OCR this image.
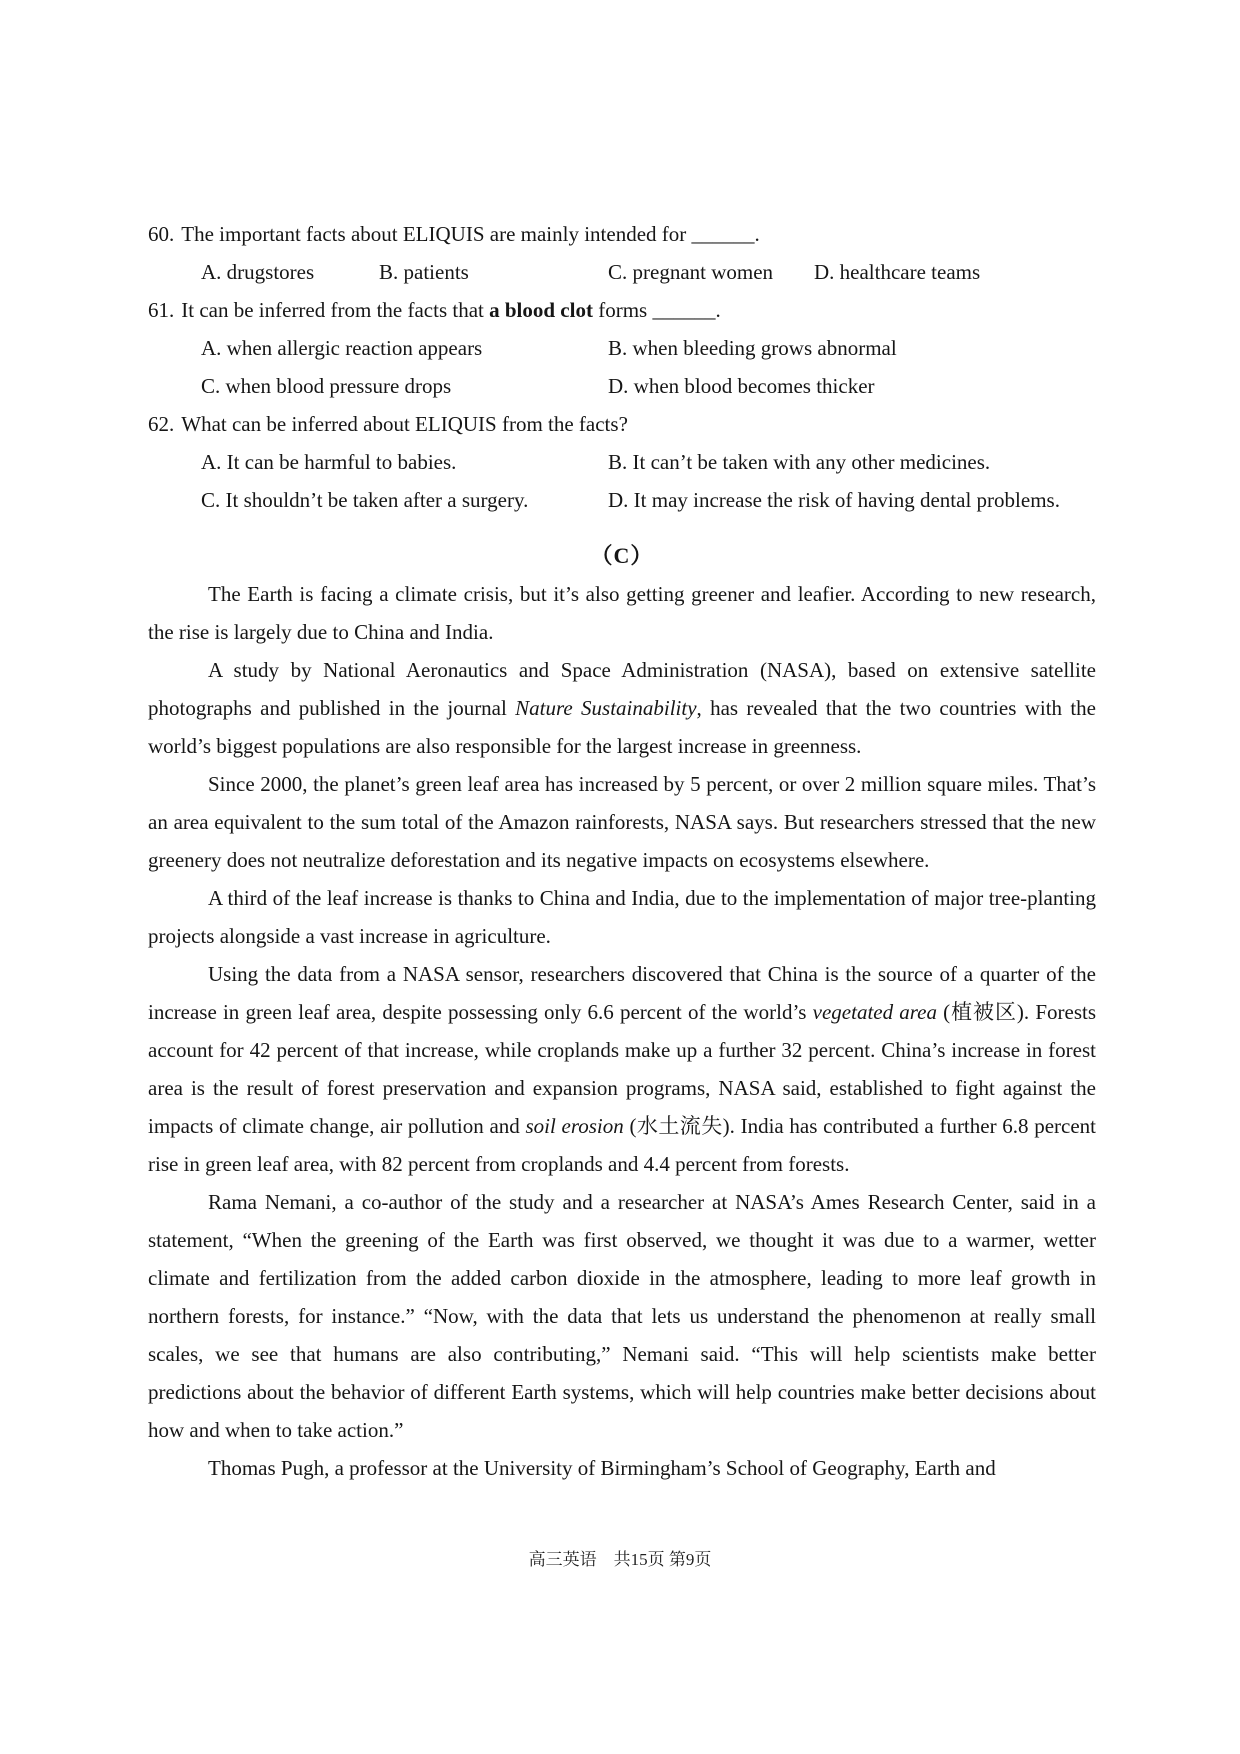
60. The important facts about ELIQUIS are mainly intended for ______.
A. drugstores	B. patients	C. pregnant women D. healthcare teams
61. It can be inferred from the facts that a blood clot forms ______.
A. when allergic reaction appears	B. when bleeding grows abnormal
C. when blood pressure drops	D. when blood becomes thicker
62. What can be inferred about ELIQUIS from the facts?
A. It can be harmful to babies.	B. It can’t be taken with any other medicines.
C. It shouldn’t be taken after a surgery.	D. It may increase the risk of having dental problems.
（C）

The Earth is facing a climate crisis, but it’s also getting greener and leafier. According to new research, the rise is largely due to China and India.

A study by National Aeronautics and Space Administration (NASA), based on extensive satellite photographs and published in the journal Nature Sustainability, has revealed that the two countries with the world’s biggest populations are also responsible for the largest increase in greenness.

Since 2000, the planet’s green leaf area has increased by 5 percent, or over 2 million square miles. That’s an area equivalent to the sum total of the Amazon rainforests, NASA says. But researchers stressed that the new greenery does not neutralize deforestation and its negative impacts on ecosystems elsewhere.

A third of the leaf increase is thanks to China and India, due to the implementation of major tree-planting projects alongside a vast increase in agriculture.

Using the data from a NASA sensor, researchers discovered that China is the source of a quarter of the increase in green leaf area, despite possessing only 6.6 percent of the world’s vegetated area (植被区). Forests account for 42 percent of that increase, while croplands make up a further 32 percent. China’s increase in forest area is the result of forest preservation and expansion programs, NASA said, established to fight against the impacts of climate change, air pollution and soil erosion (水土流失). India has contributed a further 6.8 percent rise in green leaf area, with 82 percent from croplands and 4.4 percent from forests.

Rama Nemani, a co-author of the study and a researcher at NASA’s Ames Research Center, said in a statement, “When the greening of the Earth was first observed, we thought it was due to a warmer, wetter climate and fertilization from the added carbon dioxide in the atmosphere, leading to more leaf growth in northern forests, for instance.” “Now, with the data that lets us understand the phenomenon at really small scales, we see that humans are also contributing,” Nemani said. “This will help scientists make better predictions about the behavior of different Earth systems, which will help countries make better decisions about how and when to take action.”

Thomas Pugh, a professor at the University of Birmingham’s School of Geography, Earth and

高三英语　共15页 第9页
